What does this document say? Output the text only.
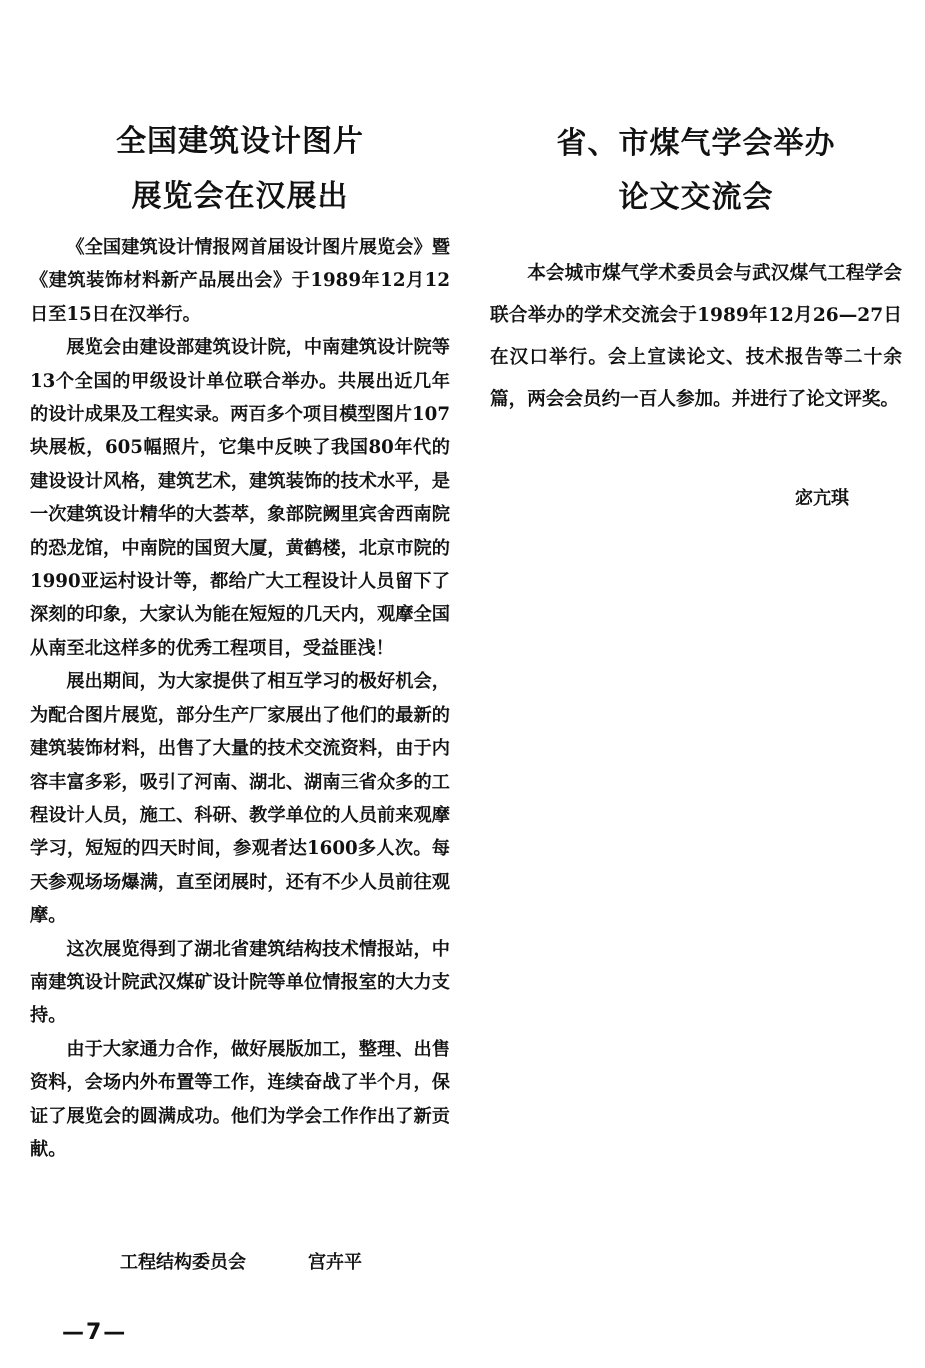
全国建筑设计图片
展览会在汉展出

《全国建筑设计情报网首届设计图片展览会》暨《建筑装饰材料新产品展出会》于1989年12月12日至15日在汉举行。

展览会由建设部建筑设计院，中南建筑设计院等13个全国的甲级设计单位联合举办。共展出近几年的设计成果及工程实录。两百多个项目模型图片107块展板，605幅照片，它集中反映了我国80年代的建设设计风格，建筑艺术，建筑装饰的技术水平，是一次建筑设计精华的大荟萃，象部院阙里宾舍西南院的恐龙馆，中南院的国贸大厦，黄鹤楼，北京市院的1990亚运村设计等，都给广大工程设计人员留下了深刻的印象，大家认为能在短短的几天内，观摩全国从南至北这样多的优秀工程项目，受益匪浅！

展出期间，为大家提供了相互学习的极好机会，为配合图片展览，部分生产厂家展出了他们的最新的建筑装饰材料，出售了大量的技术交流资料，由于内容丰富多彩，吸引了河南、湖北、湖南三省众多的工程设计人员，施工、科研、教学单位的人员前来观摩学习，短短的四天时间，参观者达1600多人次。每天参观场场爆满，直至闭展时，还有不少人员前往观摩。

这次展览得到了湖北省建筑结构技术情报站，中南建筑设计院武汉煤矿设计院等单位情报室的大力支持。

由于大家通力合作，做好展版加工，整理、出售资料，会场内外布置等工作，连续奋战了半个月，保证了展览会的圆满成功。他们为学会工作作出了新贡献。

工程结构委员会	宫卉平
省、市煤气学会举办
论文交流会

本会城市煤气学术委员会与武汉煤气工程学会联合举办的学术交流会于1989年12月26—27日在汉口举行。会上宣读论文、技术报告等二十余篇，两会会员约一百人参加。并进行了论文评奖。

宓亢琪
—7—
